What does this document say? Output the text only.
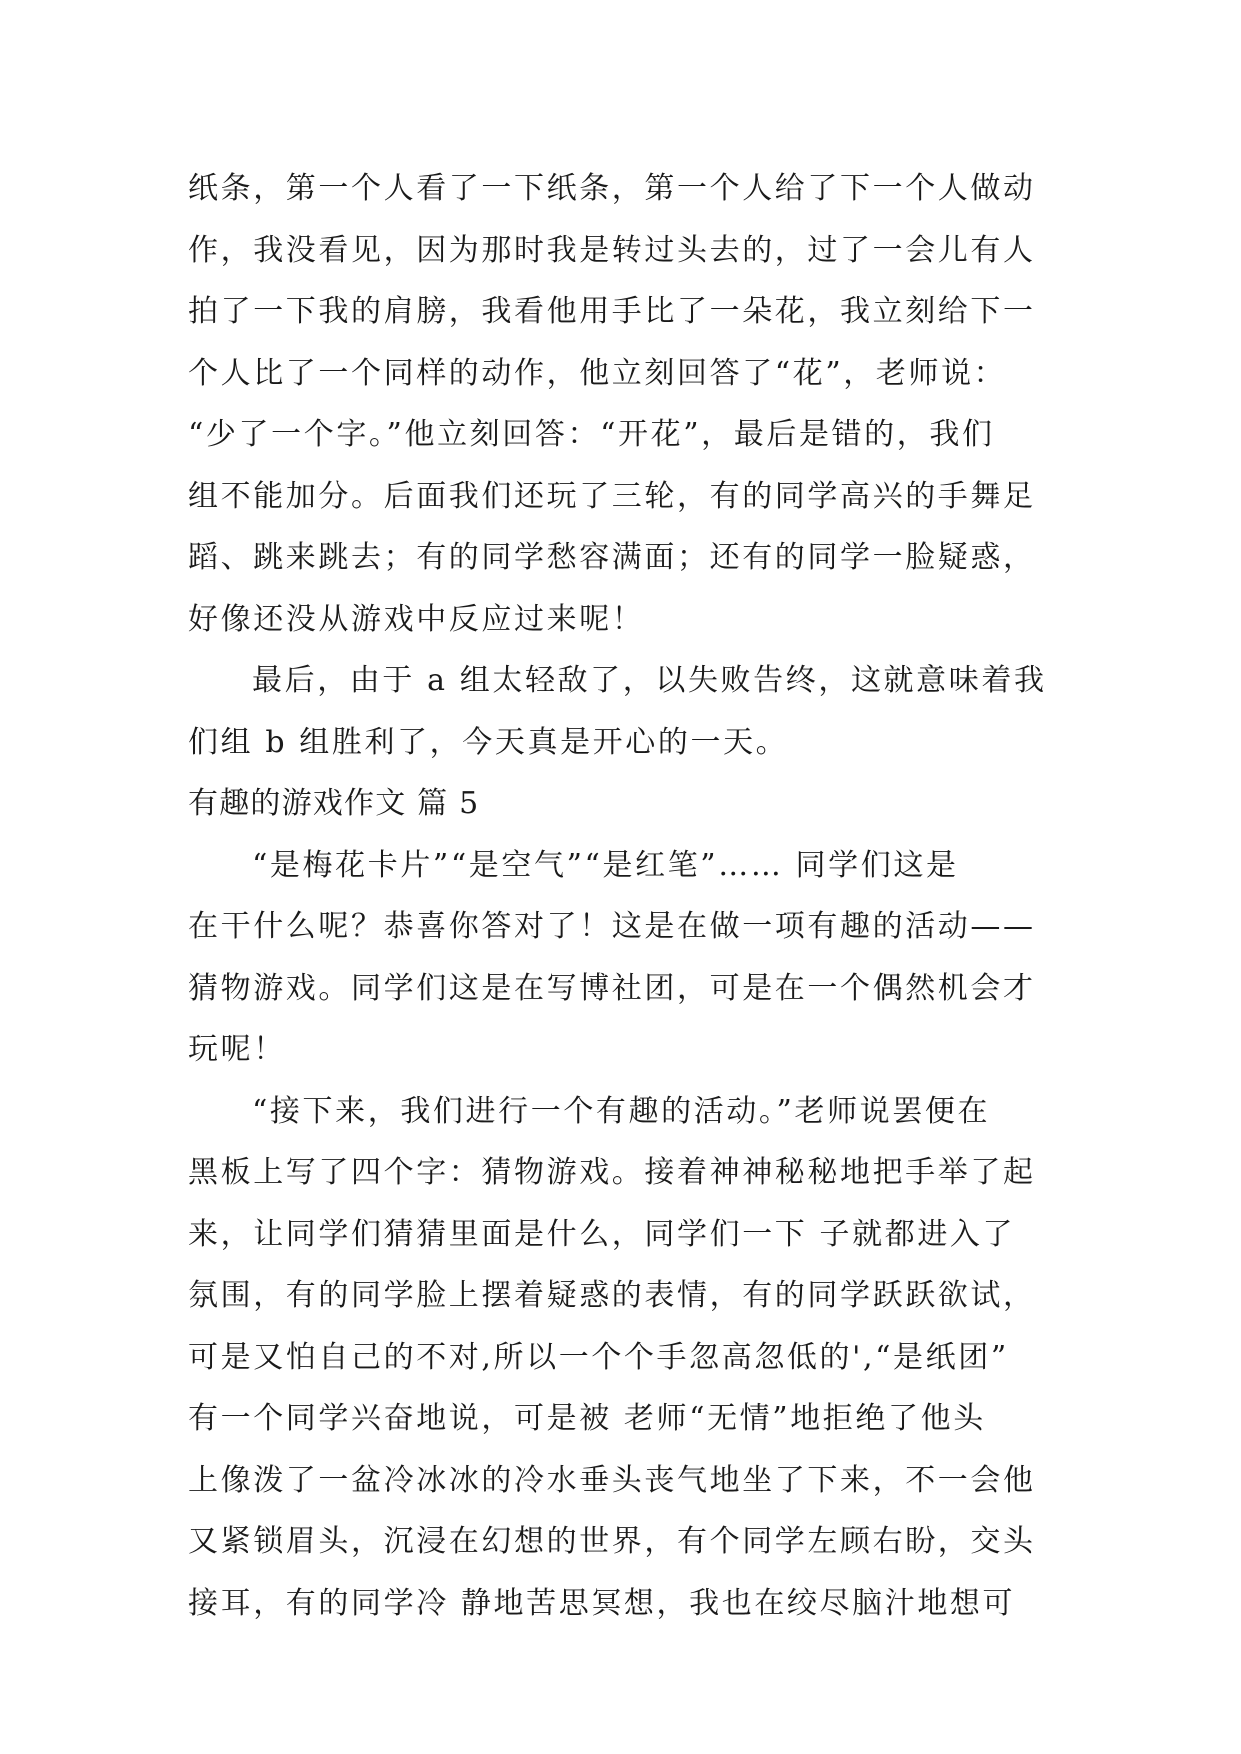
纸条，第一个人看了一下纸条，第一个人给了下一个人做动
作，我没看见，因为那时我是转过头去的，过了一会儿有人
拍了一下我的肩膀，我看他用手比了一朵花，我立刻给下一
个人比了一个同样的动作，他立刻回答了“花”，老师说：
“少了一个字。”他立刻回答：“开花”，最后是错的，我们
组不能加分。后面我们还玩了三轮，有的同学高兴的手舞足
蹈、跳来跳去；有的同学愁容满面；还有的同学一脸疑惑，
好像还没从游戏中反应过来呢！
最后，由于 a 组太轻敌了，以失败告终，这就意味着我
们组 b 组胜利了，今天真是开心的一天。
有趣的游戏作文 篇 5
“是梅花卡片”“是空气”“是红笔”…… 同学们这是
在干什么呢？恭喜你答对了！这是在做一项有趣的活动——
猜物游戏。同学们这是在写博社团，可是在一个偶然机会才
玩呢！
“接下来，我们进行一个有趣的活动。”老师说罢便在
黑板上写了四个字：猜物游戏。接着神神秘秘地把手举了起
来，让同学们猜猜里面是什么，同学们一下 子就都进入了
氛围，有的同学脸上摆着疑惑的表情，有的同学跃跃欲试，
可是又怕自己的不对,所以一个个手忽高忽低的',“是纸团”
有一个同学兴奋地说，可是被 老师“无情”地拒绝了他头
上像泼了一盆冷冰冰的冷水垂头丧气地坐了下来，不一会他
又紧锁眉头，沉浸在幻想的世界，有个同学左顾右盼，交头
接耳，有的同学冷 静地苦思冥想，我也在绞尽脑汁地想可
